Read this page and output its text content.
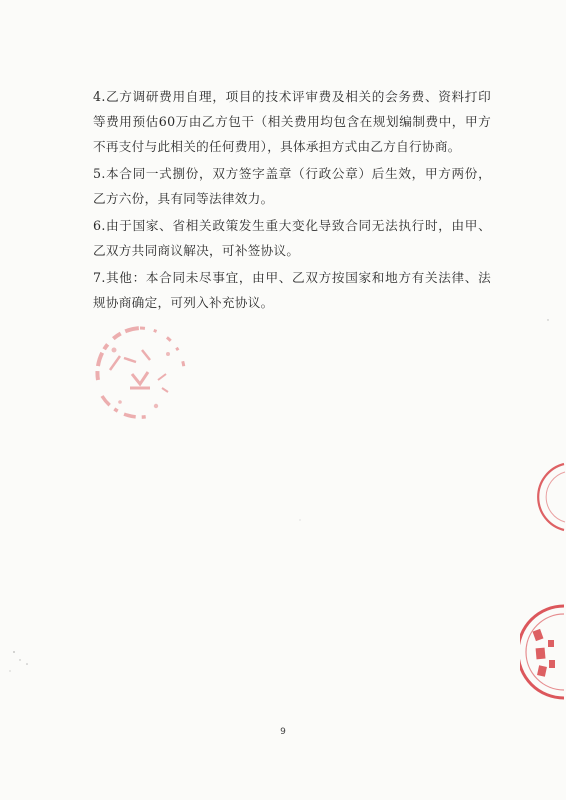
4.乙方调研费用自理，项目的技术评审费及相关的会务费、资料打印等费用预估60万由乙方包干（相关费用均包含在规划编制费中，甲方不再支付与此相关的任何费用），具体承担方式由乙方自行协商。

5.本合同一式捌份，双方签字盖章（行政公章）后生效，甲方两份，乙方六份，具有同等法律效力。

6.由于国家、省相关政策发生重大变化导致合同无法执行时，由甲、乙双方共同商议解决，可补签协议。

7.其他：本合同未尽事宜，由甲、乙双方按国家和地方有关法律、法规协商确定，可列入补充协议。

9
